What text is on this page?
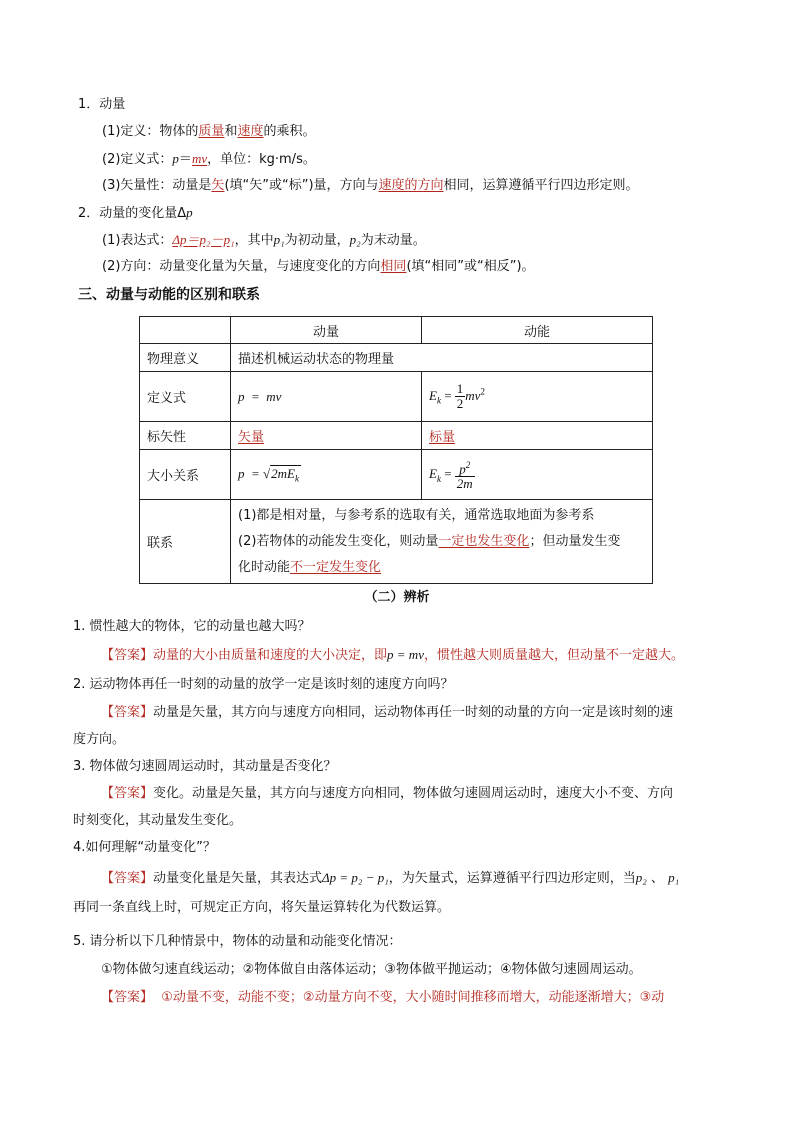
1．动量
(1)定义：物体的质量和速度的乘积。
(2)定义式：p＝mv，单位：kg·m/s。
(3)矢量性：动量是矢(填“矢”或“标”)量，方向与速度的方向相同，运算遵循平行四边形定则。
2．动量的变化量Δp
(1)表达式：Δp＝p₂－p₁，其中p₁为初动量，p₂为末动量。
(2)方向：动量变化量为矢量，与速度变化的方向相同(填“相同”或“相反”)。
三、动量与动能的区别和联系
	动量	动能
物理意义	描述机械运动状态的物理量	
定义式	p  =  mv	$E_k = \frac{1}{2} mv^2$
标矢性	矢量	标量
大小关系	$p = √2mE_k$	$E_k = \frac{p^2}{2m}$

联系	(1)都是相对量，与参考系的选取有关，通常选取地面为参考系
(2)若物体的动能发生变化，则动量一定也发生变化；但动量发生变
化时动能不一定发生变化	
（二）辨析
1. 惯性越大的物体，它的动量也越大吗？
【答案】动量的大小由质量和速度的大小决定，即p = mv，惯性越大则质量越大，但动量不一定越大。
2. 运动物体再任一时刻的动量的放学一定是该时刻的速度方向吗？
【答案】动量是矢量，其方向与速度方向相同，运动物体再任一时刻的动量的方向一定是该时刻的速
度方向。
3. 物体做匀速圆周运动时，其动量是否变化？
【答案】变化。动量是矢量，其方向与速度方向相同，物体做匀速圆周运动时，速度大小不变、方向
时刻变化，其动量发生变化。
4.如何理解“动量变化”？
【答案】动量变化量是矢量，其表达式Δp = p₂ − p₁，为矢量式，运算遵循平行四边形定则，当p₂ 、 p₁
再同一条直线上时，可规定正方向，将矢量运算转化为代数运算。
5. 请分析以下几种情景中，物体的动量和动能变化情况：
①物体做匀速直线运动；②物体做自由落体运动；③物体做平抛运动；④物体做匀速圆周运动。
【答案】  ①动量不变，动能不变；②动量方向不变，大小随时间推移而增大，动能逐渐增大；③动
